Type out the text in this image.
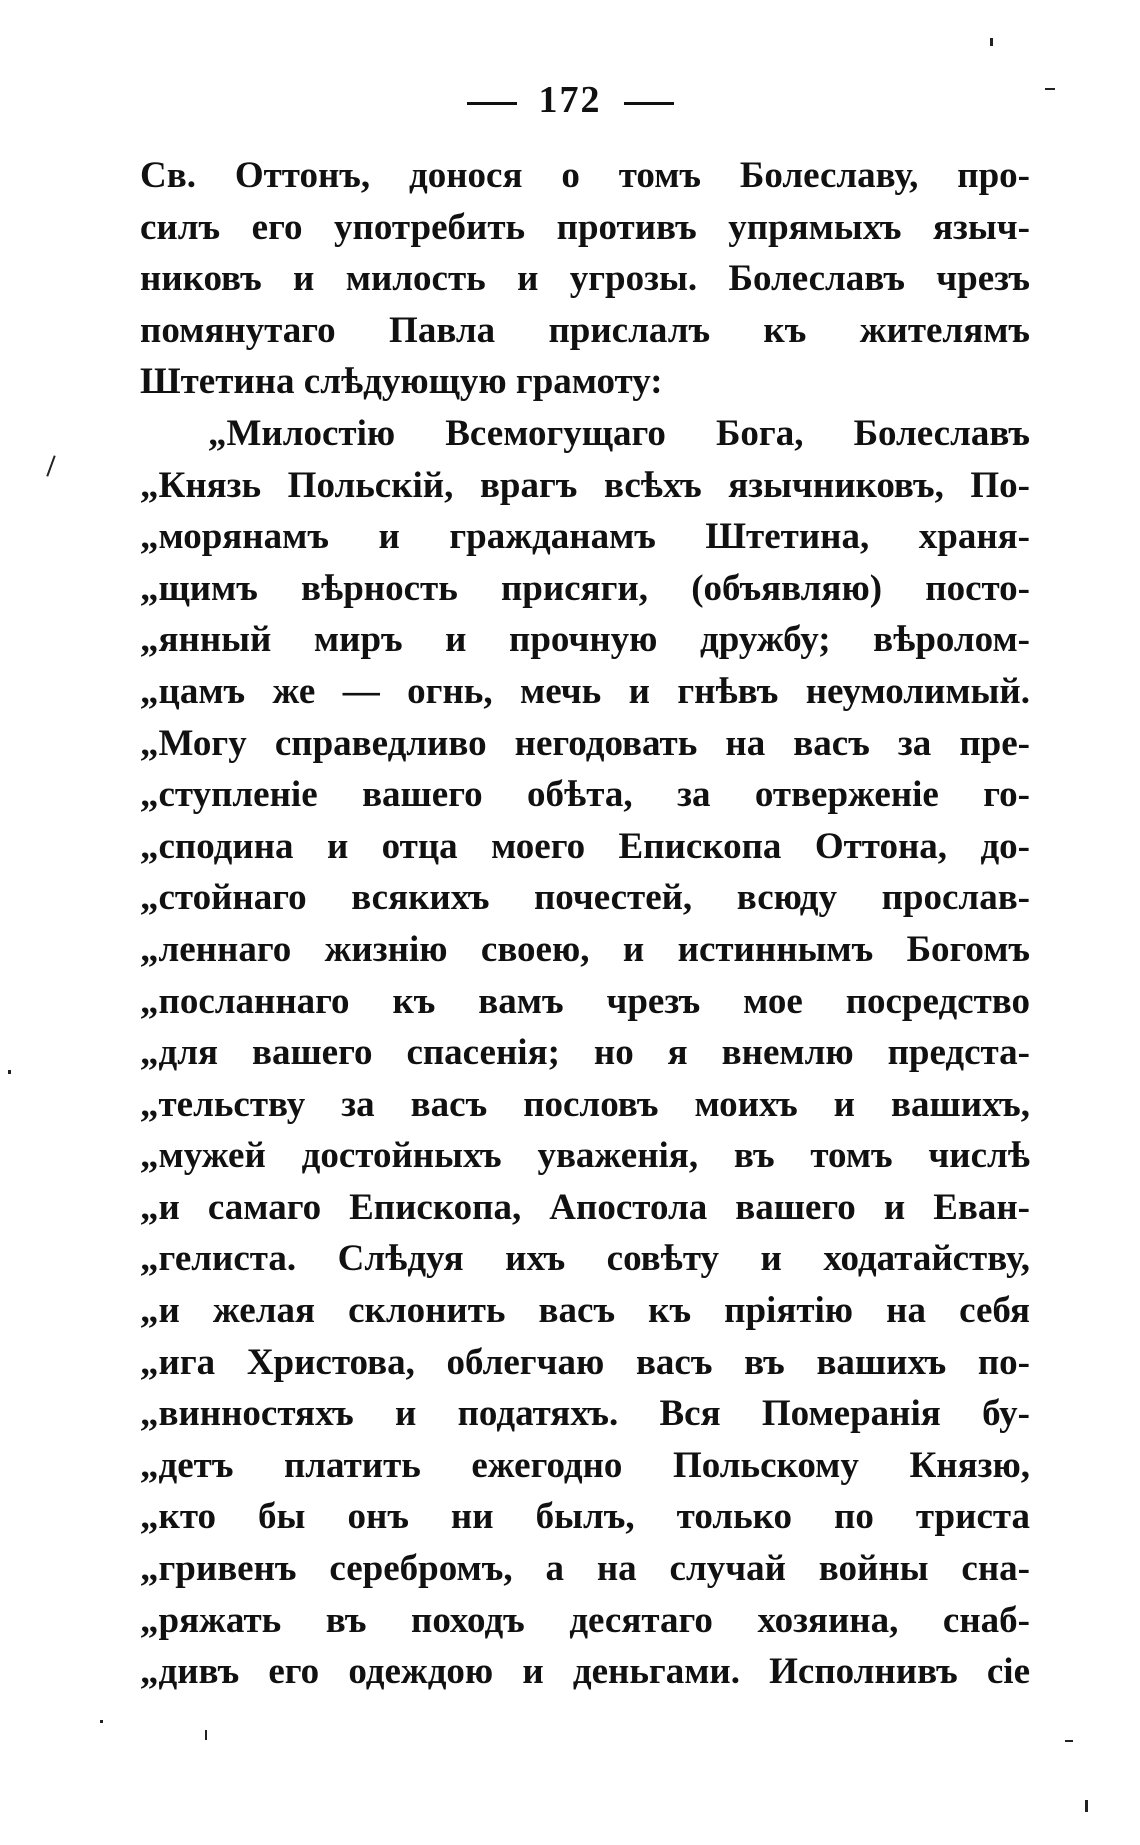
172
Св. Оттонъ, донося о томъ Болеславу, про-
силъ его употребить противъ упрямыхъ языч-
никовъ и милость и угрозы. Болеславъ чрезъ
помянутаго Павла прислалъ къ жителямъ
Штетина слѣдующую грамоту:
„Милостію Всемогущаго Бога, Болеславъ
„Князь Польскій, врагъ всѣхъ язычниковъ, По-
„морянамъ и гражданамъ Штетина, храня-
„щимъ вѣрность присяги, (объявляю) посто-
„янный миръ и прочную дружбу; вѣролом-
„цамъ же — огнь, мечь и гнѣвъ неумолимый.
„Могу справедливо негодовать на васъ за пре-
„ступленіе вашего обѣта, за отверженіе го-
„сподина и отца моего Епископа Оттона, до-
„стойнаго всякихъ почестей, всюду прослав-
„леннаго жизнію своею, и истиннымъ Богомъ
„посланнаго къ вамъ чрезъ мое посредство
„для вашего спасенія; но я внемлю предста-
„тельству за васъ пословъ моихъ и вашихъ,
„мужей достойныхъ уваженія, въ томъ числѣ
„и самаго Епископа, Апостола вашего и Еван-
„гелиста. Слѣдуя ихъ совѣту и ходатайству,
„и желая склонить васъ къ прiятiю на себя
„ига Христова, облегчаю васъ въ вашихъ по-
„винностяхъ и податяхъ. Вся Померанія бу-
„детъ платить ежегодно Польскому Князю,
„кто бы онъ ни былъ, только по триста
„гривенъ серебромъ, а на случай войны сна-
„ряжать въ походъ десятаго хозяина, снаб-
„дивъ его одеждою и деньгами. Исполнивъ сіе
